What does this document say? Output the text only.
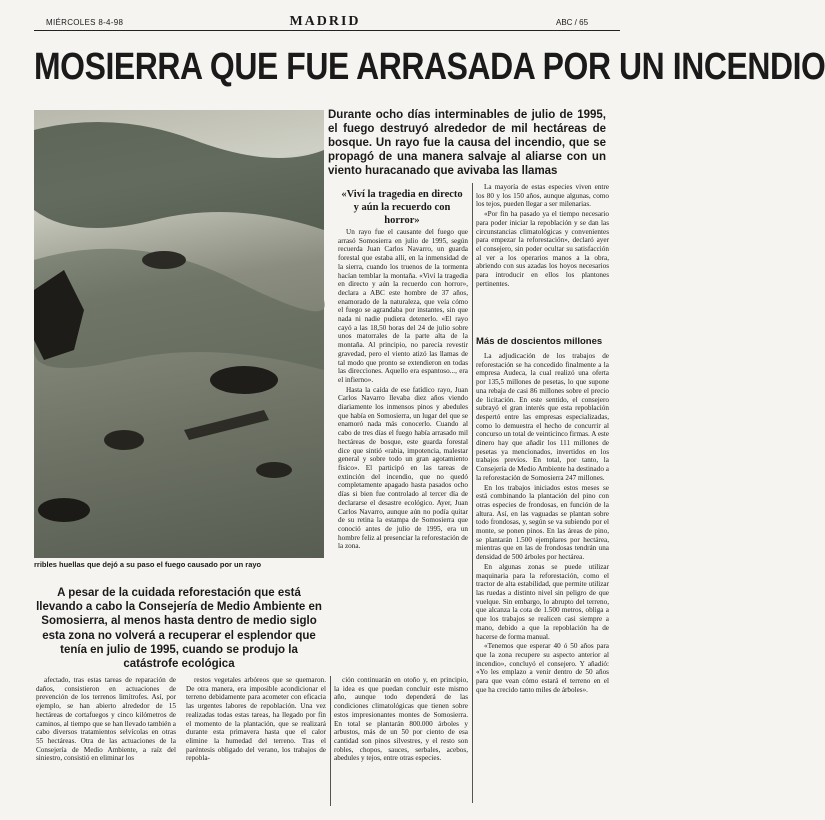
MIÉRCOLES 8-4-98	MADRID	ABC / 65
MOSIERRA QUE FUE ARRASADA POR UN INCENDIO
rribles huellas que dejó a su paso el fuego causado por un rayo
Durante ocho días interminables de julio de 1995, el fuego destruyó alrededor de mil hectáreas de bosque. Un rayo fue la causa del incendio, que se propagó de una manera salvaje al aliarse con un viento huracanado que avivaba las llamas
A pesar de la cuidada reforestación que está llevando a cabo la Consejería de Medio Ambiente en Somosierra, al menos hasta dentro de medio siglo esta zona no volverá a recuperar el esplendor que tenía en julio de 1995, cuando se produjo la catástrofe ecológica
«Viví la tragedia en directo y aún la recuerdo con horror»

Un rayo fue el causante del fuego que arrasó Somosierra en julio de 1995, según recuerda Juan Carlos Navarro, un guarda forestal que estaba allí, en la inmensidad de la sierra, cuando los truenos de la tormenta hacían temblar la montaña. «Viví la tragedia en directo y aún la recuerdo con horror», declara a ABC este hombre de 37 años, enamorado de la naturaleza, que veía cómo el fuego se agrandaba por instantes, sin que nada ni nadie pudiera detenerlo. «El rayo cayó a las 18,50 horas del 24 de julio sobre unos matorrales de la parte alta de la montaña. Al principio, no parecía revestir gravedad, pero el viento atizó las llamas de tal modo que pronto se extendieron en todas las direcciones. Aquello era espantoso..., era el infierno».

Hasta la caída de ese fatídico rayo, Juan Carlos Navarro llevaba diez años viendo diariamente los inmensos pinos y abedules que había en Somosierra, un lugar del que se enamoró nada más conocerlo. Cuando al cabo de tres días el fuego había arrasado mil hectáreas de bosque, este guarda forestal dice que sintió «rabia, impotencia, malestar general y sobre todo un gran agotamiento físico». El participó en las tareas de extinción del incendio, que no quedó completamente apagado hasta pasados ocho días si bien fue controlado al tercer día de declararse el desastre ecológico. Ayer, Juan Carlos Navarro, aunque aún no podía quitar de su retina la estampa de Somosierra que conoció antes de julio de 1995, era un hombre feliz al presenciar la reforestación de la zona.

La mayoría de estas especies viven entre los 80 y los 150 años, aunque algunas, como los tejos, pueden llegar a ser milenarias.

«Por fin ha pasado ya el tiempo necesario para poder iniciar la repoblación y se dan las circunstancias climatológicas y convenientes para empezar la reforestación», declaró ayer el consejero, sin poder ocultar su satisfacción al ver a los operarios manos a la obra, abriendo con sus azadas los hoyos necesarios para introducir en ellos los plantones pertinentes.

Más de doscientos millones

La adjudicación de los trabajos de reforestación se ha concedido finalmente a la empresa Audeca, la cual realizó una oferta por 135,5 millones de pesetas, lo que supone una rebaja de casi 86 millones sobre el precio de licitación. En este sentido, el consejero subrayó el gran interés que esta repoblación despertó entre las empresas especializadas, como lo demuestra el hecho de concurrir al concurso un total de veinticinco firmas. A este dinero hay que añadir los 111 millones de pesetas ya mencionados, invertidos en los trabajos previos. En total, por tanto, la Consejería de Medio Ambiente ha destinado a la reforestación de Somosierra 247 millones.

En los trabajos iniciados estos meses se está combinando la plantación del pino con otras especies de frondosas, en función de la altura. Así, en las vaguadas se plantan sobre todo frondosas, y, según se va subiendo por el monte, se ponen pinos. En las áreas de pino, se plantarán 1.500 ejemplares por hectárea, mientras que en las de frondosas tendrán una densidad de 500 árboles por hectárea.

En algunas zonas se puede utilizar maquinaria para la reforestación, como el tractor de alta estabilidad, que permite utilizar las ruedas a distinto nivel sin peligro de que vuelque. Sin embargo, lo abrupto del terreno, que alcanza la cota de 1.500 metros, obliga a que los trabajos se realicen casi siempre a mano, debido a que la repoblación ha de hacerse de forma manual.

«Tenemos que esperar 40 ó 50 años para que la zona recupere su aspecto anterior al incendio», concluyó el consejero. Y añadió: «Yo les emplazo a venir dentro de 50 años para que vean cómo estará el terreno en el que ha crecido tanto miles de árboles».

afectado, tras estas tareas de reparación de daños, consistieron en actuaciones de prevención de los terrenos limítrofes. Así, por ejemplo, se han abierto alrededor de 15 hectáreas de cortafuegos y cinco kilómetros de caminos, al tiempo que se han llevado también a cabo diversos tratamientos selvícolas en otras 55 hectáreas. Otra de las actuaciones de la Consejería de Medio Ambiente, a raíz del siniestro, consistió en eliminar los

restos vegetales arbóreos que se quemaron. De otra manera, era imposible acondicionar el terreno debidamente para acometer con eficacia las urgentes labores de repoblación. Una vez realizadas todas estas tareas, ha llegado por fin el momento de la plantación, que se realizará durante esta primavera hasta que el calor elimine la humedad del terreno. Tras el paréntesis obligado del verano, los trabajos de repobla-

ción continuarán en otoño y, en principio, la idea es que puedan concluir este mismo año, aunque todo dependerá de las condiciones climatológicas que tienen sobre estos impresionantes montes de Somosierra. En total se plantarán 800.000 árboles y arbustos, más de un 50 por ciento de esa cantidad son pinos silvestres, y el resto son robles, chopos, sauces, serbales, acebos, abedules y tejos, entre otras especies.
